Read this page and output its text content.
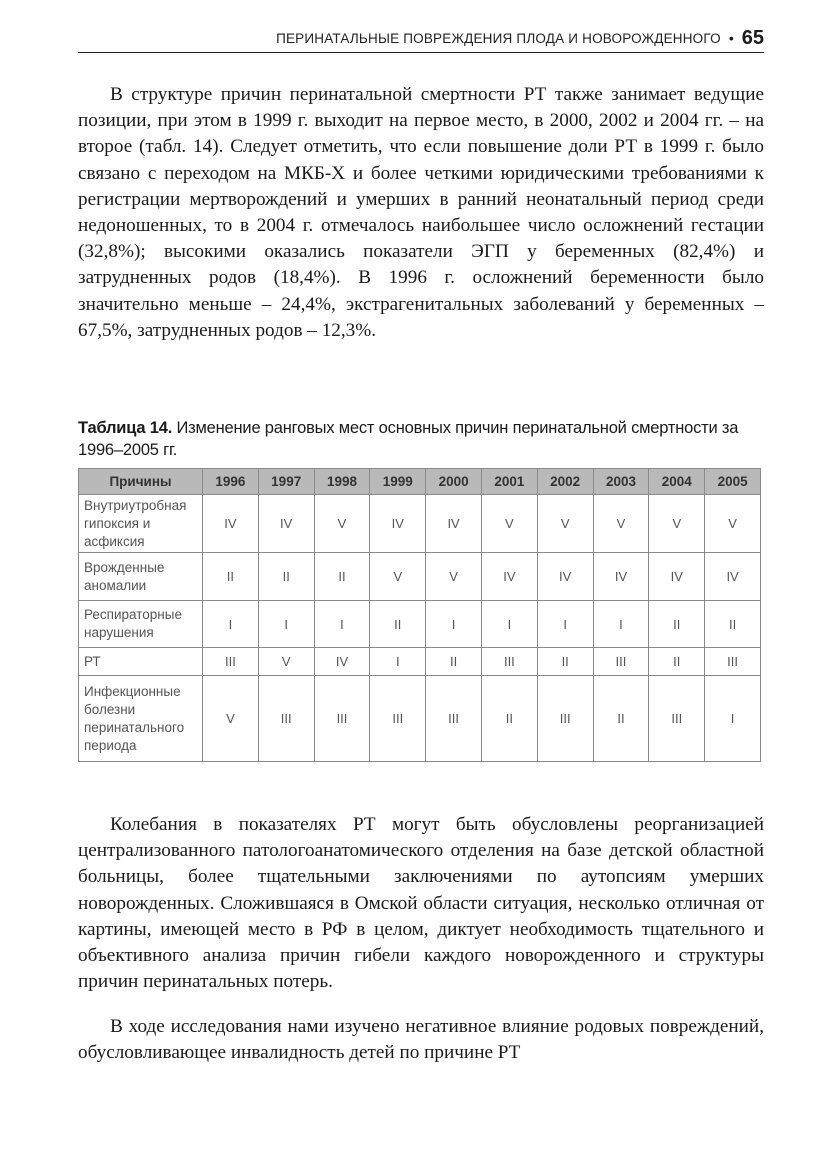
ПЕРИНАТАЛЬНЫЕ ПОВРЕЖДЕНИЯ ПЛОДА И НОВОРОЖДЕННОГО • 65

В структуре причин перинатальной смертности РТ также занимает ведущие позиции, при этом в 1999 г. выходит на первое место, в 2000, 2002 и 2004 гг. – на второе (табл. 14). Следует отметить, что если повышение доли РТ в 1999 г. было связано с переходом на МКБ-X и более четкими юридическими требованиями к регистрации мертворождений и умерших в ранний неонатальный период среди недоношенных, то в 2004 г. отмечалось наибольшее число осложнений гестации (32,8%); высокими оказались показатели ЭГП у беременных (82,4%) и затрудненных родов (18,4%). В 1996 г. осложнений беременности было значительно меньше – 24,4%, экстрагенитальных заболеваний у беременных – 67,5%, затрудненных родов – 12,3%.

Таблица 14. Изменение ранговых мест основных причин перинатальной смертности за 1996–2005 гг.

Причины	1996	1997	1998	1999	2000	2001	2002	2003	2004	2005
Внутриутробная гипоксия и асфиксия	IV	IV	V	IV	IV	V	V	V	V	V
Врожденные аномалии	II	II	II	V	V	IV	IV	IV	IV	IV
Респираторные нарушения	I	I	I	II	I	I	I	I	II	II
РТ	III	V	IV	I	II	III	II	III	II	III
Инфекционные болезни перинатального периода	V	III	III	III	III	II	III	II	III	I

Колебания в показателях РТ могут быть обусловлены реорганизацией централизованного патологоанатомического отделения на базе детской областной больницы, более тщательными заключениями по аутопсиям умерших новорожденных. Сложившаяся в Омской области ситуация, несколько отличная от картины, имеющей место в РФ в целом, диктует необходимость тщательного и объективного анализа причин гибели каждого новорожденного и структуры причин перинатальных потерь.

В ходе исследования нами изучено негативное влияние родовых повреждений, обусловливающее инвалидность детей по причине РТ
